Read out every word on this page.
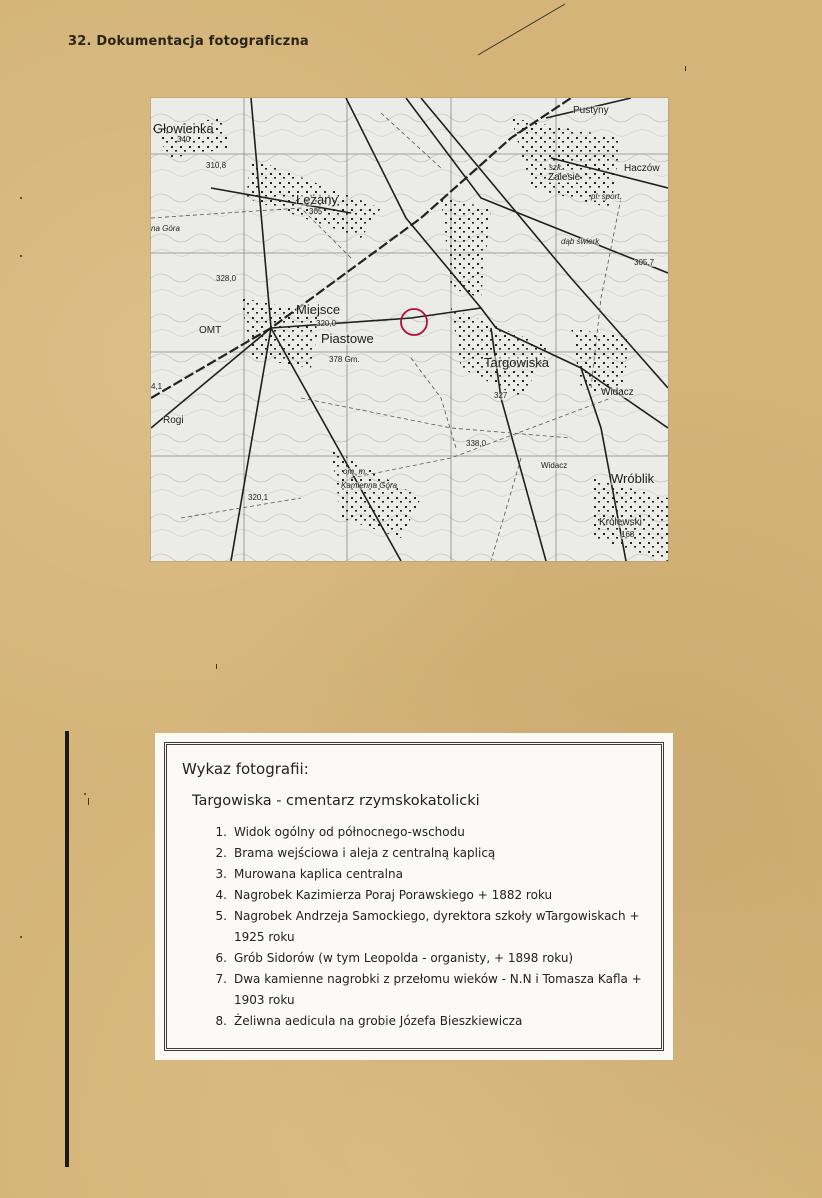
32. Dokumentacja fotograficzna
Głowienka
340
310,8
Łężany
305
na Góra
328,0
Miejsce
320,0
OMT
Piastowe
378 Gm.	Targowiska
327
Pustyny
szk.
Zalesie
Haczów
pl. sport.
dąb świerk
305,7
Widacz
4,1
Rogi
338,0
Widacz
Wróblik
om. m.
Kamienna Góra
320,1
Królewski
168
Wykaz fotografii:
Targowiska - cmentarz rzymskokatolicki
1. Widok ogólny od północnego-wschodu
2. Brama wejściowa i aleja z centralną kaplicą
3. Murowana kaplica centralna
4. Nagrobek Kazimierza Poraj Porawskiego + 1882 roku
5. Nagrobek Andrzeja Samockiego, dyrektora szkoły wTargowiskach + 1925 roku
6. Grób Sidorów (w tym Leopolda - organisty, + 1898 roku)
7. Dwa kamienne nagrobki z przełomu wieków - N.N i Tomasza Kafla + 1903 roku
8. Żeliwna aedicula na grobie Józefa Bieszkiewicza
